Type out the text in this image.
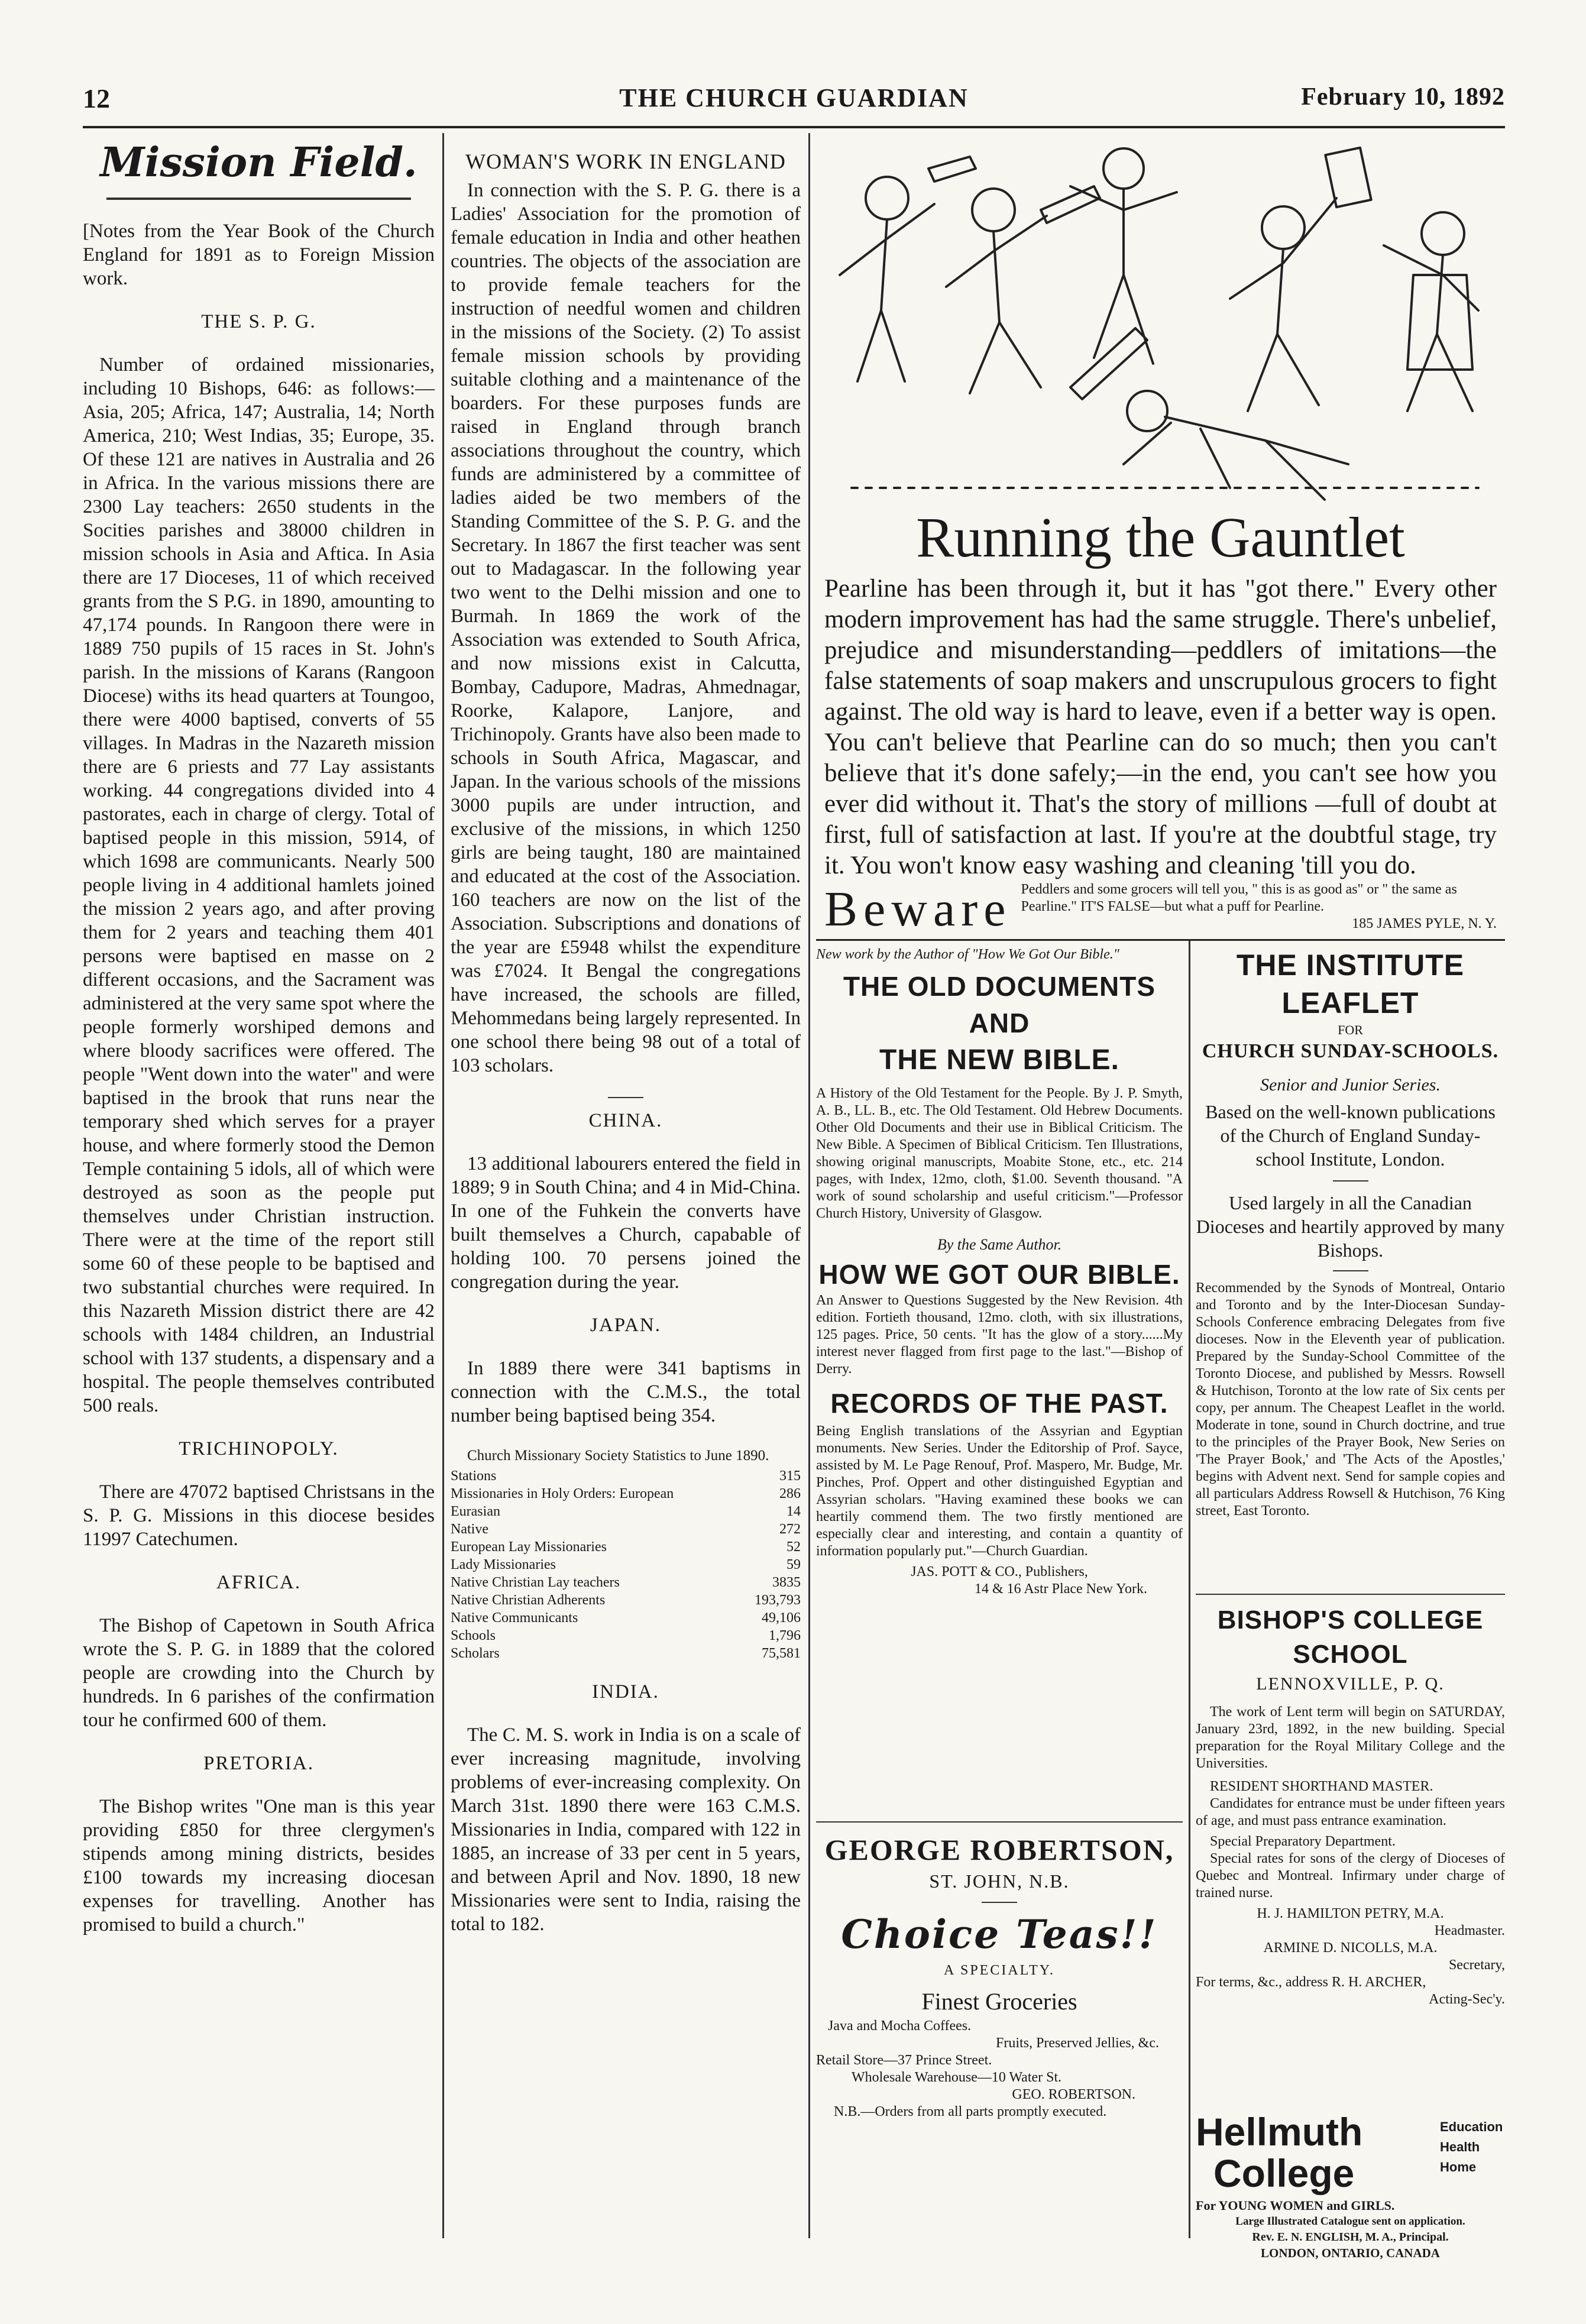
12	THE CHURCH GUARDIAN	February 10, 1892
Mission Field.

[Notes from the Year Book of the Church England for 1891 as to Foreign Mission work.

THE S. P. G.

Number of ordained missionaries, including 10 Bishops, 646: as follows:— Asia, 205; Africa, 147; Australia, 14; North America, 210; West Indias, 35; Europe, 35. Of these 121 are natives in Australia and 26 in Africa. In the various missions there are 2300 Lay teachers: 2650 students in the Socities parishes and 38000 children in mission schools in Asia and Aftica. In Asia there are 17 Dioceses, 11 of which received grants from the S P.G. in 1890, amounting to 47,174 pounds. In Rangoon there were in 1889 750 pupils of 15 races in St. John's parish. In the missions of Karans (Rangoon Diocese) withs its head quarters at Toungoo, there were 4000 baptised, converts of 55 villages. In Madras in the Nazareth mission there are 6 priests and 77 Lay assistants working. 44 congregations divided into 4 pastorates, each in charge of clergy. Total of baptised people in this mission, 5914, of which 1698 are communicants. Nearly 500 people living in 4 additional hamlets joined the mission 2 years ago, and after proving them for 2 years and teaching them 401 persons were baptised en masse on 2 different occasions, and the Sacrament was administered at the very same spot where the people formerly worshiped demons and where bloody sacrifices were offered. The people "Went down into the water" and were baptised in the brook that runs near the temporary shed which serves for a prayer house, and where formerly stood the Demon Temple containing 5 idols, all of which were destroyed as soon as the people put themselves under Christian instruction. There were at the time of the report still some 60 of these people to be baptised and two substantial churches were required. In this Nazareth Mission district there are 42 schools with 1484 children, an Industrial school with 137 students, a dispensary and a hospital. The people themselves contributed 500 reals.

TRICHINOPOLY.

There are 47072 baptised Christsans in the S. P. G. Missions in this diocese besides 11997 Catechumen.

AFRICA.

The Bishop of Capetown in South Africa wrote the S. P. G. in 1889 that the colored people are crowding into the Church by hundreds. In 6 parishes of the confirmation tour he confirmed 600 of them.

PRETORIA.

The Bishop writes "One man is this year providing £850 for three clergymen's stipends among mining districts, besides £100 towards my increasing diocesan expenses for travelling. Another has promised to build a church."

WOMAN'S WORK IN ENGLAND

In connection with the S. P. G. there is a Ladies' Association for the promotion of female education in India and other heathen countries. The objects of the association are to provide female teachers for the instruction of needful women and children in the missions of the Society. (2) To assist female mission schools by providing suitable clothing and a maintenance of the boarders. For these purposes funds are raised in England through branch associations throughout the country, which funds are administered by a committee of ladies aided be two members of the Standing Committee of the S. P. G. and the Secretary. In 1867 the first teacher was sent out to Madagascar. In the following year two went to the Delhi mission and one to Burmah. In 1869 the work of the Association was extended to South Africa, and now missions exist in Calcutta, Bombay, Cadupore, Madras, Ahmednagar, Roorke, Kalapore, Lanjore, and Trichinopoly. Grants have also been made to schools in South Africa, Magascar, and Japan. In the various schools of the missions 3000 pupils are under intruction, and exclusive of the missions, in which 1250 girls are being taught, 180 are maintained and educated at the cost of the Association. 160 teachers are now on the list of the Association. Subscriptions and donations of the year are £5948 whilst the expenditure was £7024. It Bengal the congregations have increased, the schools are filled, Mehommedans being largely represented. In one school there being 98 out of a total of 103 scholars.

CHINA.

13 additional labourers entered the field in 1889; 9 in South China; and 4 in Mid-China. In one of the Fuhkein the converts have built themselves a Church, capabable of holding 100. 70 persens joined the congregation during the year.

JAPAN.

In 1889 there were 341 baptisms in connection with the C.M.S., the total number being baptised being 354.

Church Missionary Society Statistics to June 1890.
Stations	315
Missionaries in Holy Orders: European	286
Eurasian	14
Native	272
European Lay Missionaries	52
Lady Missionaries	59
Native Christian Lay teachers	3835
Native Christian Adherents	193,793
Native Communicants	49,106
Schools	1,796
Scholars	75,581
INDIA.

The C. M. S. work in India is on a scale of ever increasing magnitude, involving problems of ever-increasing complexity. On March 31st. 1890 there were 163 C.M.S. Missionaries in India, compared with 122 in 1885, an increase of 33 per cent in 5 years, and between April and Nov. 1890, 18 new Missionaries were sent to India, raising the total to 182.

Running the Gauntlet
Pearline has been through it, but it has "got there." Every other modern improvement has had the same struggle. There's unbelief, prejudice and misunderstanding—peddlers of imitations—the false statements of soap makers and unscrupulous grocers to fight against. The old way is hard to leave, even if a better way is open. You can't believe that Pearline can do so much; then you can't believe that it's done safely;—in the end, you can't see how you ever did without it. That's the story of millions —full of doubt at first, full of satisfaction at last. If you're at the doubtful stage, try it. You won't know easy washing and cleaning 'till you do.
Beware Peddlers and some grocers will tell you, " this is as good as" or " the same as Pearline." IT'S FALSE—but what a puff for Pearline.
185 JAMES PYLE, N. Y.
New work by the Author of "How We Got Our Bible."
THE OLD DOCUMENTS AND
THE NEW BIBLE.
A History of the Old Testament for the People. By J. P. Smyth, A. B., LL. B., etc. The Old Testament. Old Hebrew Documents. Other Old Documents and their use in Biblical Criticism. The New Bible. A Specimen of Biblical Criticism. Ten Illustrations, showing original manuscripts, Moabite Stone, etc., etc. 214 pages, with Index, 12mo, cloth, $1.00. Seventh thousand. "A work of sound scholarship and useful criticism."—Professor Church History, University of Glasgow.
By the Same Author.
HOW WE GOT OUR BIBLE.
An Answer to Questions Suggested by the New Revision. 4th edition. Fortieth thousand, 12mo. cloth, with six illustrations, 125 pages. Price, 50 cents. "It has the glow of a story......My interest never flagged from first page to the last."—Bishop of Derry.
RECORDS OF THE PAST.
Being English translations of the Assyrian and Egyptian monuments. New Series. Under the Editorship of Prof. Sayce, assisted by M. Le Page Renouf, Prof. Maspero, Mr. Budge, Mr. Pinches, Prof. Oppert and other distinguished Egyptian and Assyrian scholars. "Having examined these books we can heartily commend them. The two firstly mentioned are especially clear and interesting, and contain a quantity of information popularly put."—Church Guardian.
JAS. POTT & CO., Publishers,
14 & 16 Astr Place New York.
GEORGE ROBERTSON,
ST. JOHN, N.B.
Choice Teas!!
A SPECIALTY.
Finest Groceries
Java and Mocha Coffees.
Fruits, Preserved Jellies, &c.
Retail Store—37 Prince Street.
Wholesale Warehouse—10 Water St.
GEO. ROBERTSON.
N.B.—Orders from all parts promptly executed.
THE INSTITUTE LEAFLET
FOR
CHURCH SUNDAY-SCHOOLS.
Senior and Junior Series.
Based on the well-known publications of the Church of England Sunday-school Institute, London.
Used largely in all the Canadian Dioceses and heartily approved by many Bishops.
Recommended by the Synods of Montreal, Ontario and Toronto and by the Inter-Diocesan Sunday-Schools Conference embracing Delegates from five dioceses. Now in the Eleventh year of publication. Prepared by the Sunday-School Committee of the Toronto Diocese, and published by Messrs. Rowsell & Hutchison, Toronto at the low rate of Six cents per copy, per annum. The Cheapest Leaflet in the world. Moderate in tone, sound in Church doctrine, and true to the principles of the Prayer Book, New Series on 'The Prayer Book,' and 'The Acts of the Apostles,' begins with Advent next. Send for sample copies and all particulars Address Rowsell & Hutchison, 76 King street, East Toronto.
BISHOP'S COLLEGE SCHOOL
LENNOXVILLE, P. Q.
The work of Lent term will begin on SATURDAY, January 23rd, 1892, in the new building. Special preparation for the Royal Military College and the Universities.
RESIDENT SHORTHAND MASTER.
Candidates for entrance must be under fifteen years of age, and must pass entrance examination.
Special Preparatory Department.
Special rates for sons of the clergy of Dioceses of Quebec and Montreal. Infirmary under charge of trained nurse.
H. J. HAMILTON PETRY, M.A.
Headmaster.
ARMINE D. NICOLLS, M.A.
Secretary,
For terms, &c., address R. H. ARCHER,
Acting-Sec'y.
Hellmuth
College
Education
Health
Home
For YOUNG WOMEN and GIRLS.
Large Illustrated Catalogue sent on application.
Rev. E. N. ENGLISH, M. A., Principal.
LONDON, ONTARIO, CANADA
